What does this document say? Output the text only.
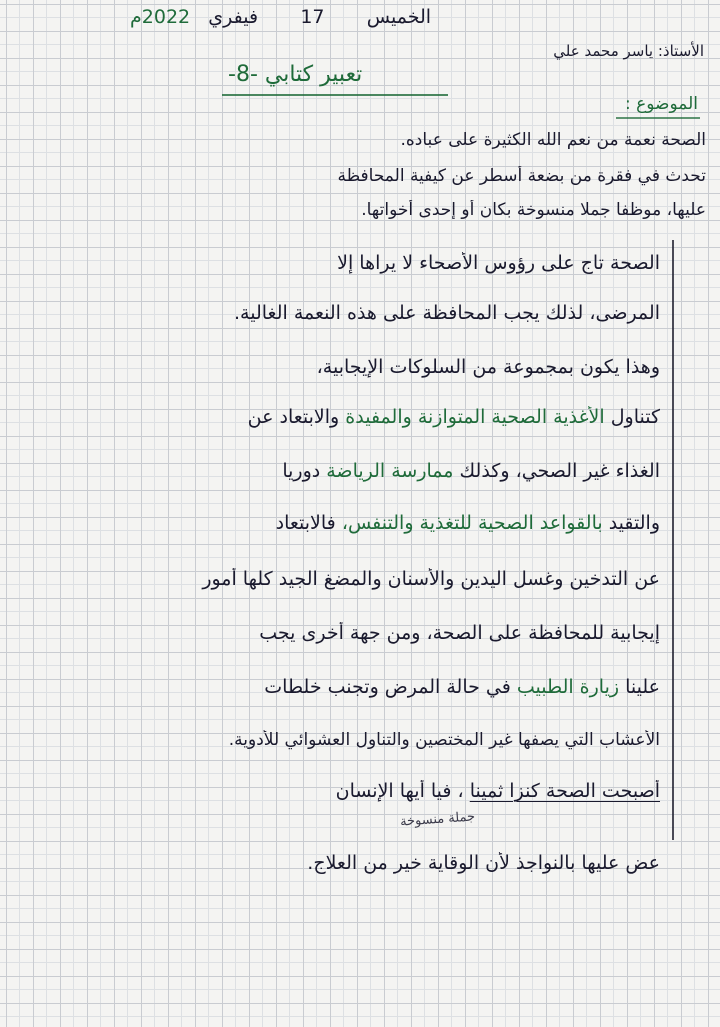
الخميس       17       فيفري   2022م
الأستاذ: ياسر محمد علي
تعبير كتابي -8-
الموضوع :
الصحة نعمة من نعم الله الكثيرة على عباده.
تحدث في فقرة من بضعة أسطر عن كيفية المحافظة
عليها، موظفا جملا منسوخة بكان أو إحدى أخواتها.
الصحة تاج على رؤوس الأصحاء لا يراها إلا
المرضى، لذلك يجب المحافظة على هذه النعمة الغالية.
وهذا يكون بمجموعة من السلوكات الإيجابية،
كتناول الأغذية الصحية المتوازنة والمفيدة والابتعاد عن
الغذاء غير الصحي، وكذلك ممارسة الرياضة دوريا
والتقيد بالقواعد الصحية للتغذية والتنفس، فالابتعاد
عن التدخين وغسل اليدين والأسنان والمضغ الجيد كلها أمور
إيجابية للمحافظة على الصحة، ومن جهة أخرى يجب
علينا زيارة الطبيب في حالة المرض وتجنب خلطات
الأعشاب التي يصفها غير المختصين والتناول العشوائي للأدوية.
أصبحت الصحة كنزا ثمينا ، فيا أيها الإنسان
جملة منسوخة
عض عليها بالنواجذ لأن الوقاية خير من العلاج.
